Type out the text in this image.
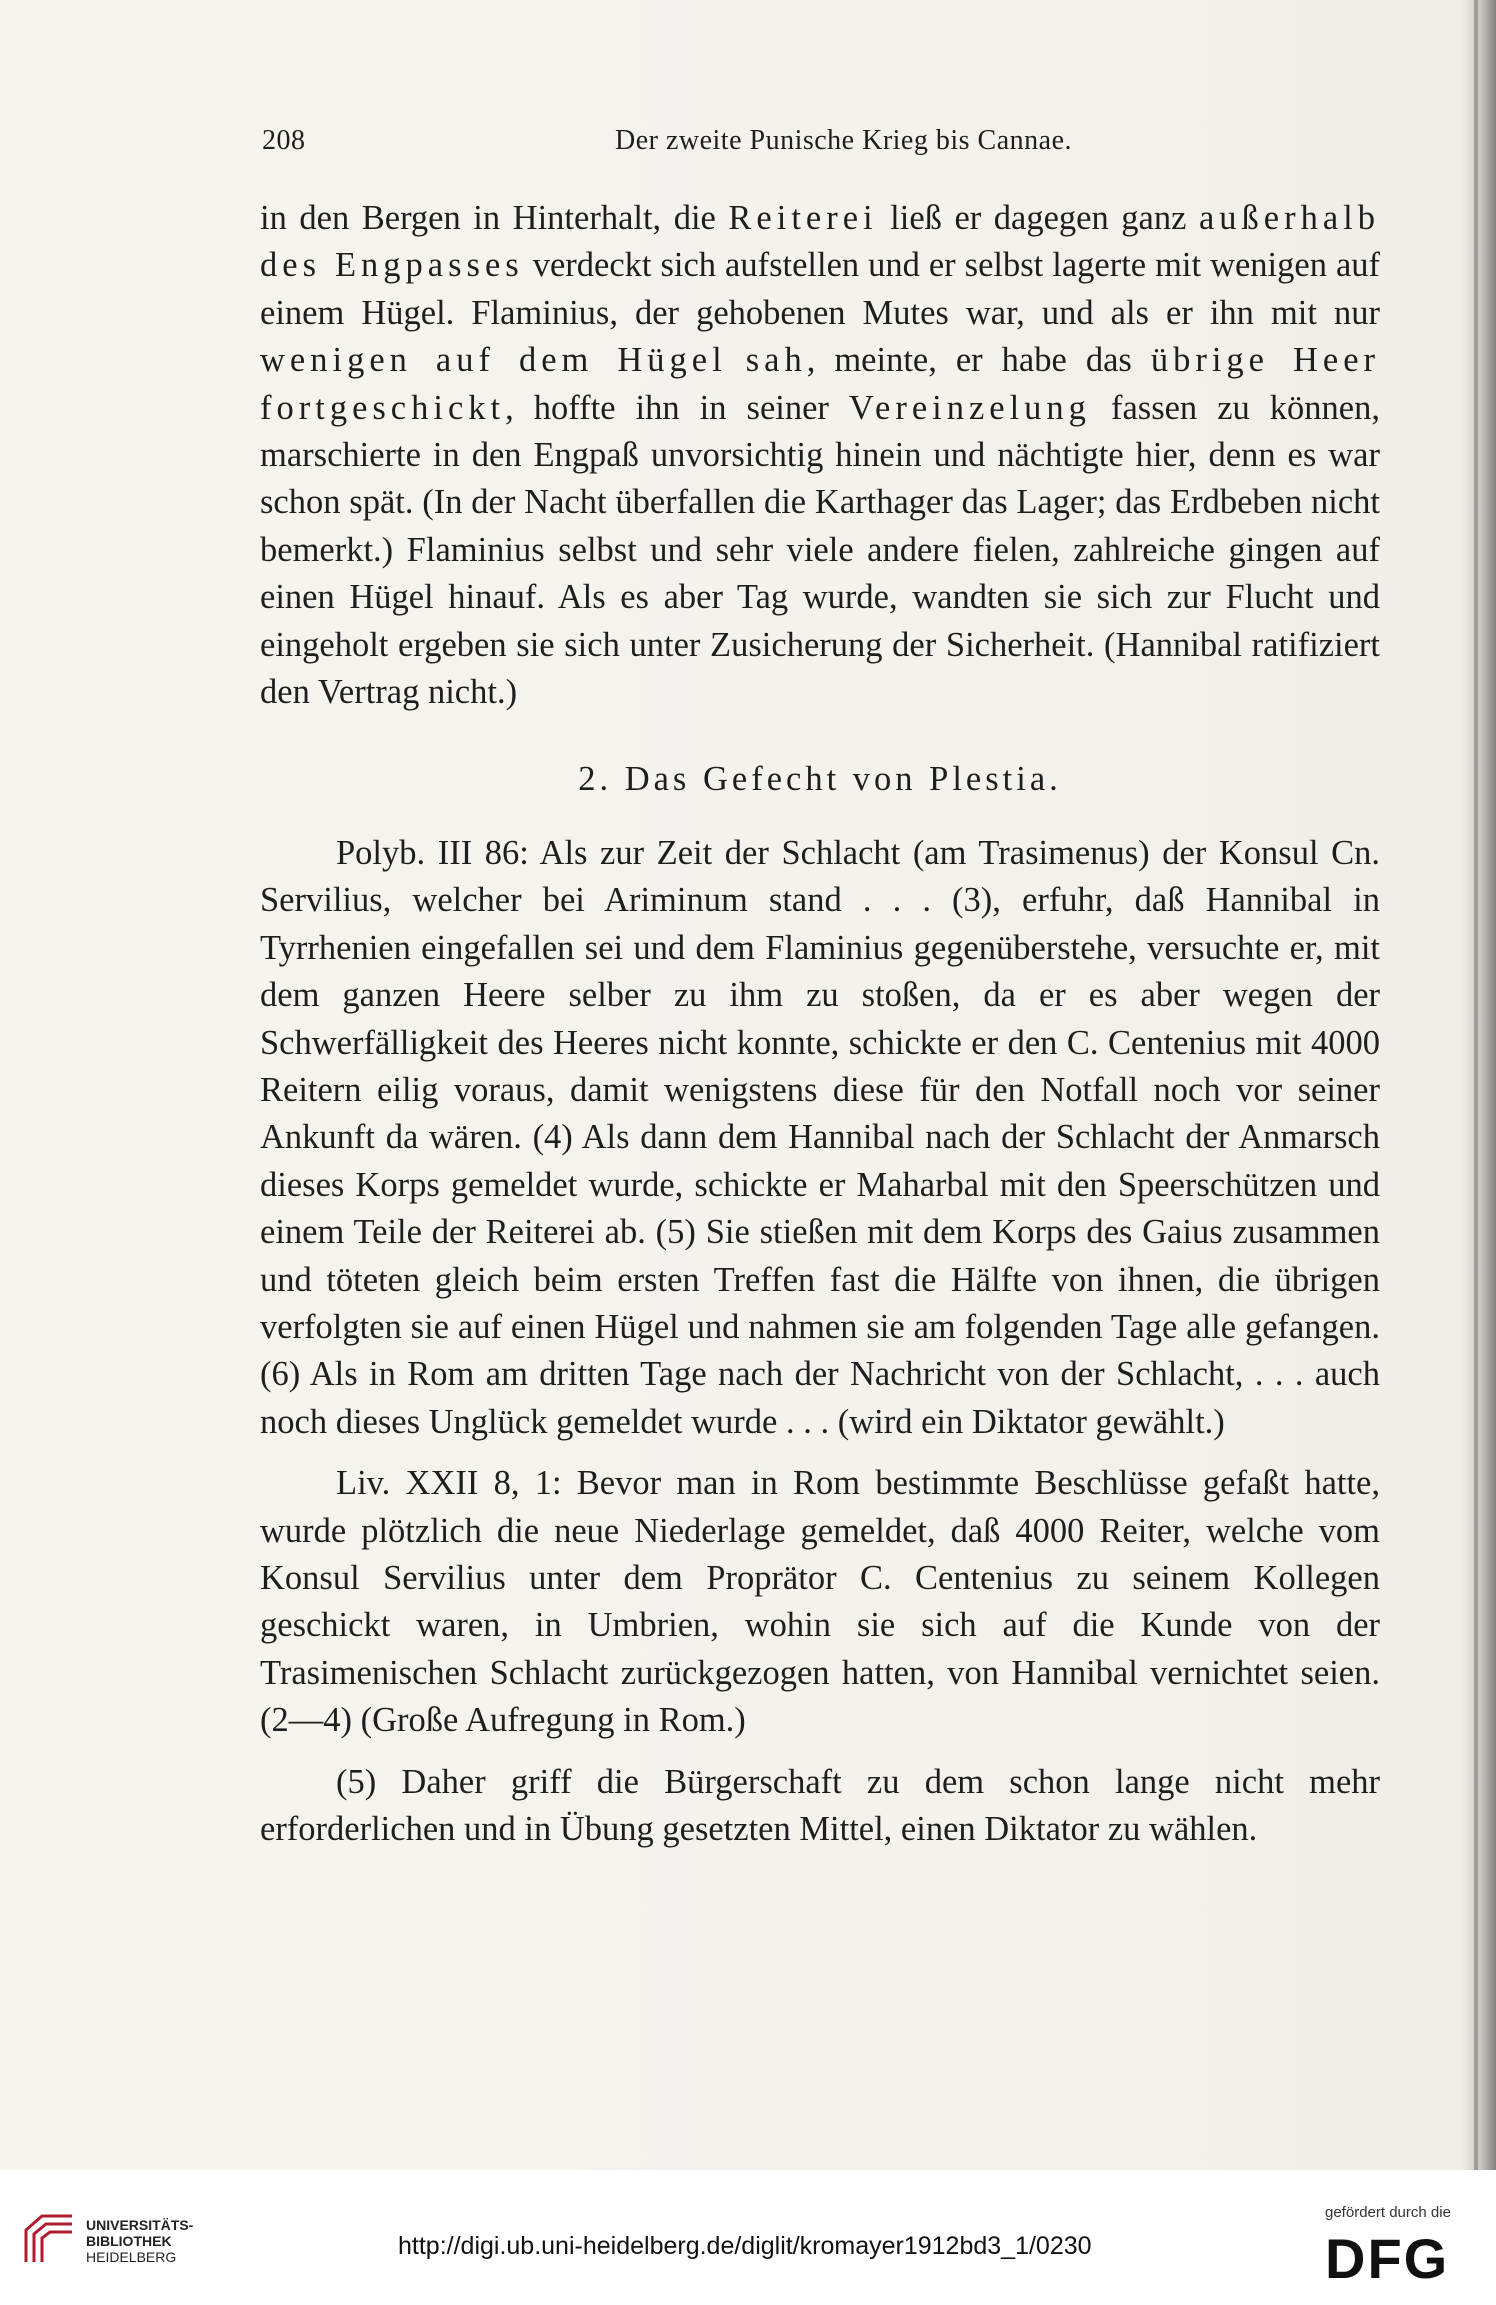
208	Der zweite Punische Krieg bis Cannae.

in den Bergen in Hinterhalt, die Reiterei ließ er dagegen ganz außerhalb des Engpasses verdeckt sich aufstellen und er selbst lagerte mit wenigen auf einem Hügel. Flaminius, der gehobenen Mutes war, und als er ihn mit nur wenigen auf dem Hügel sah, meinte, er habe das übrige Heer fortgeschickt, hoffte ihn in seiner Vereinzelung fassen zu können, marschierte in den Engpaß unvorsichtig hinein und nächtigte hier, denn es war schon spät. (In der Nacht überfallen die Karthager das Lager; das Erdbeben nicht bemerkt.) Flaminius selbst und sehr viele andere fielen, zahlreiche gingen auf einen Hügel hinauf. Als es aber Tag wurde, wandten sie sich zur Flucht und eingeholt ergeben sie sich unter Zusicherung der Sicherheit. (Hannibal ratifiziert den Vertrag nicht.)

2. Das Gefecht von Plestia.

Polyb. III 86: Als zur Zeit der Schlacht (am Trasimenus) der Konsul Cn. Servilius, welcher bei Ariminum stand . . . (3), erfuhr, daß Hannibal in Tyrrhenien eingefallen sei und dem Flaminius gegenüberstehe, versuchte er, mit dem ganzen Heere selber zu ihm zu stoßen, da er es aber wegen der Schwerfälligkeit des Heeres nicht konnte, schickte er den C. Centenius mit 4000 Reitern eilig voraus, damit wenigstens diese für den Notfall noch vor seiner Ankunft da wären. (4) Als dann dem Hannibal nach der Schlacht der Anmarsch dieses Korps gemeldet wurde, schickte er Maharbal mit den Speerschützen und einem Teile der Reiterei ab. (5) Sie stießen mit dem Korps des Gaius zusammen und töteten gleich beim ersten Treffen fast die Hälfte von ihnen, die übrigen verfolgten sie auf einen Hügel und nahmen sie am folgenden Tage alle gefangen. (6) Als in Rom am dritten Tage nach der Nachricht von der Schlacht, . . . auch noch dieses Unglück gemeldet wurde . . . (wird ein Diktator gewählt.)

Liv. XXII 8, 1: Bevor man in Rom bestimmte Beschlüsse gefaßt hatte, wurde plötzlich die neue Niederlage gemeldet, daß 4000 Reiter, welche vom Konsul Servilius unter dem Proprätor C. Centenius zu seinem Kollegen geschickt waren, in Umbrien, wohin sie sich auf die Kunde von der Trasimenischen Schlacht zurückgezogen hatten, von Hannibal vernichtet seien. (2—4) (Große Aufregung in Rom.)

(5) Daher griff die Bürgerschaft zu dem schon lange nicht mehr erforderlichen und in Übung gesetzten Mittel, einen Diktator zu wählen.

UNIVERSITÄTS-
BIBLIOTHEK
HEIDELBERG	http://digi.ub.uni-heidelberg.de/diglit/kromayer1912bd3_1/0230
gefördert durch die
DFG
